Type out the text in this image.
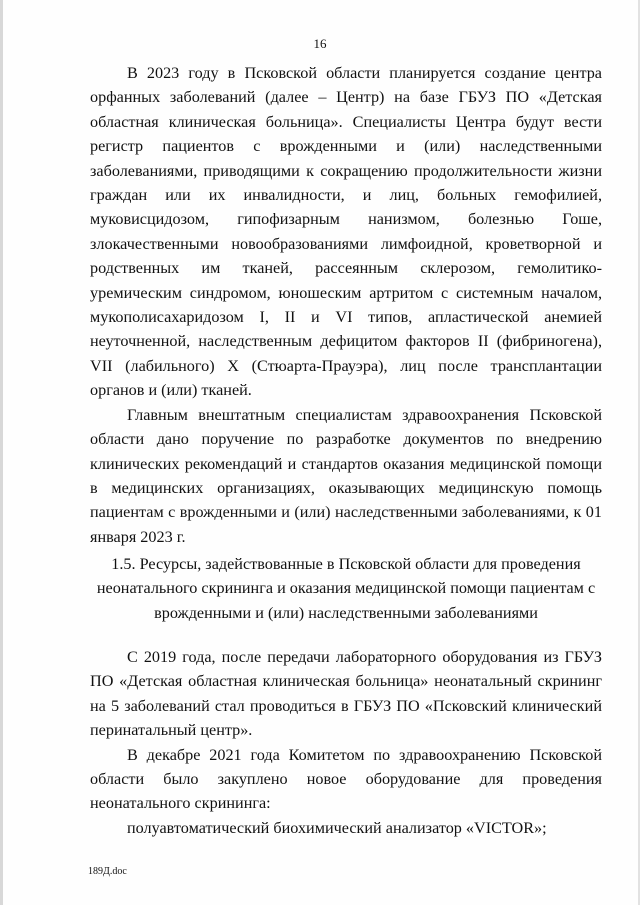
16

В 2023 году в Псковской области планируется создание центра орфанных заболеваний (далее – Центр) на базе ГБУЗ ПО «Детская областная клиническая больница». Специалисты Центра будут вести регистр пациентов с врожденными и (или) наследственными заболеваниями, приводящими к сокращению продолжительности жизни граждан или их инвалидности, и лиц, больных гемофилией, муковисцидозом, гипофизарным нанизмом, болезнью Гоше, злокачественными новообразованиями лимфоидной, кроветворной и родственных им тканей, рассеянным склерозом, гемолитико-уремическим синдромом, юношеским артритом с системным началом, мукополисахаридозом I, II и VI типов, апластической анемией неуточненной, наследственным дефицитом факторов II (фибриногена), VII (лабильного) X (Стюарта-Прауэра), лиц после трансплантации органов и (или) тканей.

Главным внештатным специалистам здравоохранения Псковской области дано поручение по разработке документов по внедрению клинических рекомендаций и стандартов оказания медицинской помощи в медицинских организациях, оказывающих медицинскую помощь пациентам с врожденными и (или) наследственными заболеваниями, к 01 января 2023 г.

1.5. Ресурсы, задействованные в Псковской области для проведения неонатального скрининга и оказания медицинской помощи пациентам с врожденными и (или) наследственными заболеваниями

С 2019 года, после передачи лабораторного оборудования из ГБУЗ ПО «Детская областная клиническая больница» неонатальный скрининг на 5 заболеваний стал проводиться в ГБУЗ ПО «Псковский клинический перинатальный центр».

В декабре 2021 года Комитетом по здравоохранению Псковской области было закуплено новое оборудование для проведения неонатального скрининга:

полуавтоматический биохимический анализатор «VICTOR»;

189Д.doc
